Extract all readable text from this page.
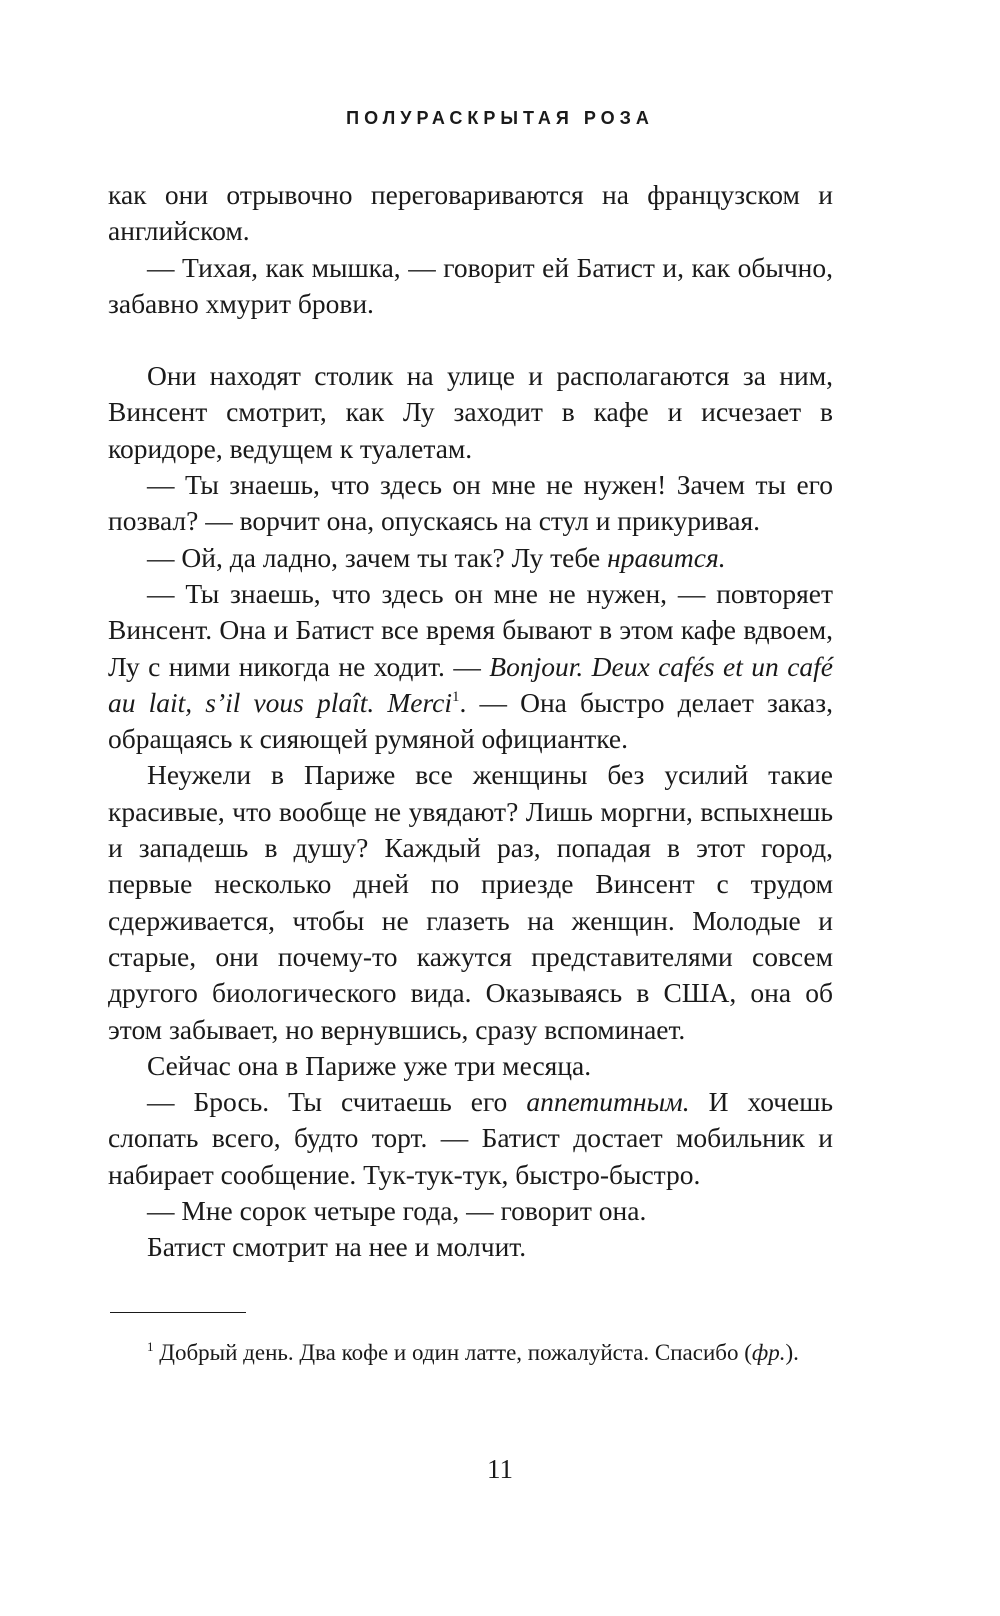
ПОЛУРАСКРЫТАЯ РОЗА

как они отрывочно переговариваются на французском и английском.

— Тихая, как мышка, — говорит ей Батист и, как обычно, забавно хмурит брови.

Они находят столик на улице и располагаются за ним, Винсент смотрит, как Лу заходит в кафе и исчезает в коридоре, ведущем к туалетам.

— Ты знаешь, что здесь он мне не нужен! Зачем ты его позвал? — ворчит она, опускаясь на стул и прикуривая.

— Ой, да ладно, зачем ты так? Лу тебе нравится.

— Ты знаешь, что здесь он мне не нужен, — повторяет Винсент. Она и Батист все время бывают в этом кафе вдвоем, Лу с ними никогда не ходит. — Bonjour. Deux cafés et un café au lait, s’il vous plaît. Merci$^1$. — Она быстро делает заказ, обращаясь к сияющей румяной официантке.

Неужели в Париже все женщины без усилий такие красивые, что вообще не увядают? Лишь моргни, вспыхнешь и западешь в душу? Каждый раз, попадая в этот город, первые несколько дней по приезде Винсент с трудом сдерживается, чтобы не глазеть на женщин. Молодые и старые, они почему-то кажутся представителями совсем другого биологического вида. Оказываясь в США, она об этом забывает, но вернувшись, сразу вспоминает.

Сейчас она в Париже уже три месяца.

— Брось. Ты считаешь его аппетитным. И хочешь слопать всего, будто торт. — Батист достает мобильник и набирает сообщение. Тук-тук-тук, быстро-быстро.

— Мне сорок четыре года, — говорит она.

Батист смотрит на нее и молчит.

$^1$ Добрый день. Два кофе и один латте, пожалуйста. Спасибо (фр.).

11
